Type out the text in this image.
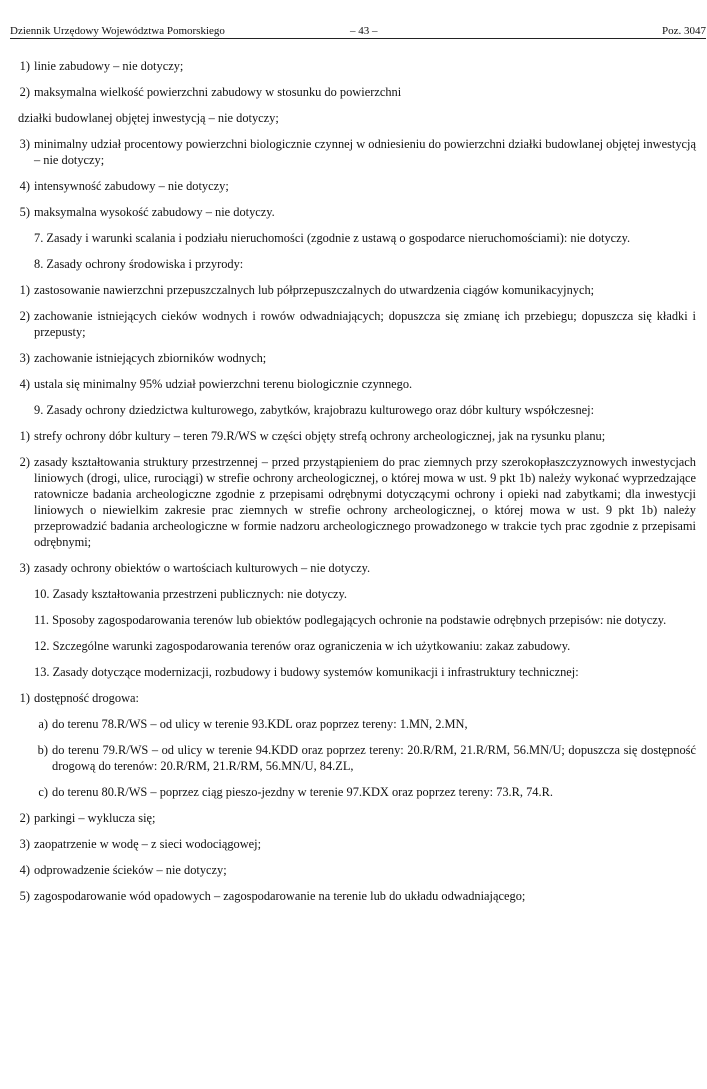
Dziennik Urzędowy Województwa Pomorskiego	– 43 –	Poz. 3047
1) linie zabudowy – nie dotyczy;
2) maksymalna wielkość powierzchni zabudowy w stosunku do powierzchni
działki budowlanej objętej inwestycją – nie dotyczy;
3) minimalny udział procentowy powierzchni biologicznie czynnej w odniesieniu do powierzchni działki budowlanej objętej inwestycją – nie dotyczy;
4) intensywność zabudowy – nie dotyczy;
5) maksymalna wysokość zabudowy – nie dotyczy.
7. Zasady i warunki scalania i podziału nieruchomości (zgodnie z ustawą o gospodarce nieruchomościami): nie dotyczy.
8. Zasady ochrony środowiska i przyrody:
1) zastosowanie nawierzchni przepuszczalnych lub półprzepuszczalnych do utwardzenia ciągów komunikacyjnych;
2) zachowanie istniejących cieków wodnych i rowów odwadniających; dopuszcza się zmianę ich przebiegu; dopuszcza się kładki i przepusty;
3) zachowanie istniejących zbiorników wodnych;
4) ustala się minimalny 95% udział powierzchni terenu biologicznie czynnego.
9. Zasady ochrony dziedzictwa kulturowego, zabytków, krajobrazu kulturowego oraz dóbr kultury współczesnej:
1) strefy ochrony dóbr kultury – teren 79.R/WS w części objęty strefą ochrony archeologicznej, jak na rysunku planu;
2) zasady kształtowania struktury przestrzennej – przed przystąpieniem do prac ziemnych przy szerokopłaszczyznowych inwestycjach liniowych (drogi, ulice, rurociągi) w strefie ochrony archeologicznej, o której mowa w ust. 9 pkt 1b) należy wykonać wyprzedzające ratownicze badania archeologiczne zgodnie z przepisami odrębnymi dotyczącymi ochrony i opieki nad zabytkami; dla inwestycji liniowych o niewielkim zakresie prac ziemnych w strefie ochrony archeologicznej, o której mowa w ust. 9 pkt 1b) należy przeprowadzić badania archeologiczne w formie nadzoru archeologicznego prowadzonego w trakcie tych prac zgodnie z przepisami odrębnymi;
3) zasady ochrony obiektów o wartościach kulturowych – nie dotyczy.
10. Zasady kształtowania przestrzeni publicznych: nie dotyczy.
11. Sposoby zagospodarowania terenów lub obiektów podlegających ochronie na podstawie odrębnych przepisów: nie dotyczy.
12. Szczególne warunki zagospodarowania terenów oraz ograniczenia w ich użytkowaniu: zakaz zabudowy.
13. Zasady dotyczące modernizacji, rozbudowy i budowy systemów komunikacji i infrastruktury technicznej:
1) dostępność drogowa:
a) do terenu 78.R/WS – od ulicy w terenie 93.KDL oraz poprzez tereny: 1.MN, 2.MN,
b) do terenu 79.R/WS – od ulicy w terenie 94.KDD oraz poprzez tereny: 20.R/RM, 21.R/RM, 56.MN/U; dopuszcza się dostępność drogową do terenów: 20.R/RM, 21.R/RM, 56.MN/U, 84.ZL,
c) do terenu 80.R/WS – poprzez ciąg pieszo-jezdny w terenie 97.KDX oraz poprzez tereny: 73.R, 74.R.
2) parkingi – wyklucza się;
3) zaopatrzenie w wodę – z sieci wodociągowej;
4) odprowadzenie ścieków – nie dotyczy;
5) zagospodarowanie wód opadowych – zagospodarowanie na terenie lub do układu odwadniającego;
